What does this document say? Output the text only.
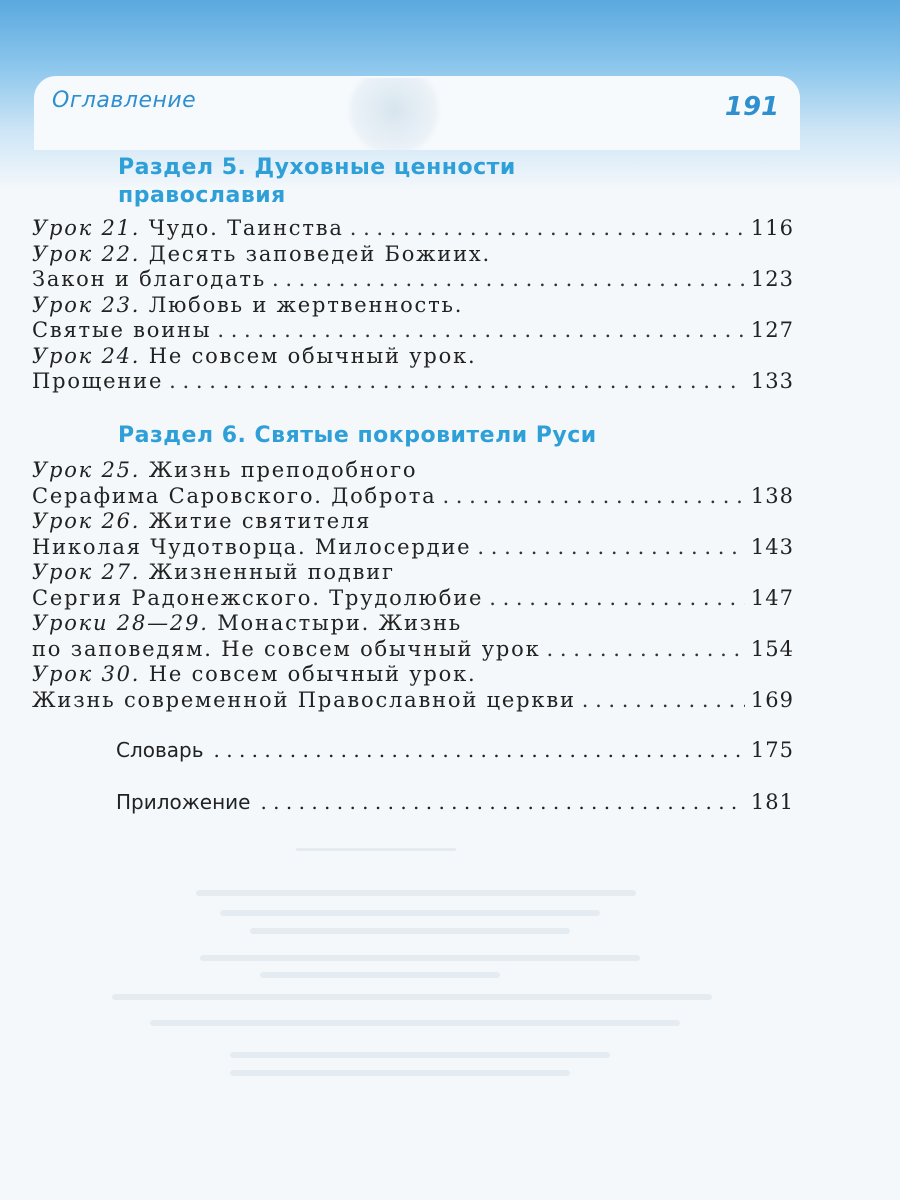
Оглавление	191
Раздел 5. Духовные ценности православия
Урок 21.
Чудо. Таинства . . .	116
Урок 22.
Десять заповедей Божиих.
Закон и благодать . . .	123
Урок 23.
Любовь и жертвенность.
Святые воины . . .	127
Урок 24.
Не совсем обычный урок.
Прощение . . .	133
Раздел 6. Святые покровители Руси
Урок 25.
Жизнь преподобного
Серафима Саровского. Доброта . . .	138
Урок 26.
Житие святителя
Николая Чудотворца. Милосердие . . .	143
Урок 27.
Жизненный подвиг
Сергия Радонежского. Трудолюбие . . .	147
Уроки 28—29.
Монастыри. Жизнь
по заповедям. Не совсем обычный урок . . .	154
Урок 30.
Не совсем обычный урок.
Жизнь современной Православной церкви . . .	169
Словарь . . .	175
Приложение . . .	181
